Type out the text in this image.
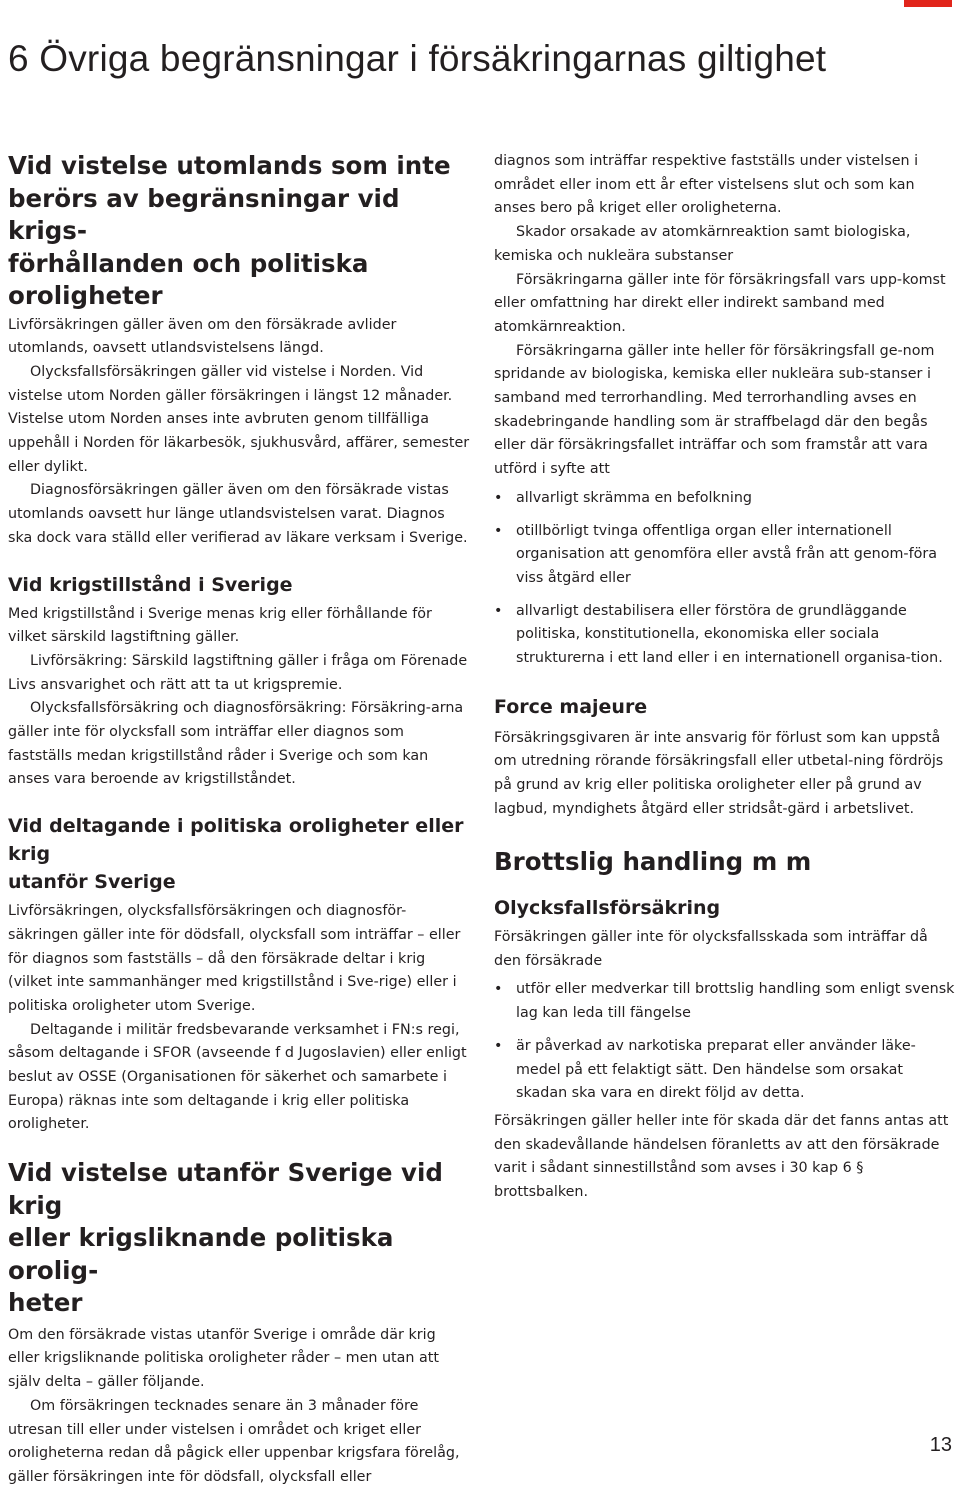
6 Övriga begränsningar i försäkringarnas giltighet
Vid vistelse utomlands som inte
berörs av begränsningar vid krigs-
förhållanden och politiska oroligheter

Livförsäkringen gäller även om den försäkrade avlider utomlands, oavsett utlandsvistelsens längd.

Olycksfallsförsäkringen gäller vid vistelse i Norden. Vid vistelse utom Norden gäller försäkringen i längst 12 månader. Vistelse utom Norden anses inte avbruten genom tillfälliga uppehåll i Norden för läkarbesök, sjukhusvård, affärer, semester eller dylikt.

Diagnosförsäkringen gäller även om den försäkrade vistas utomlands oavsett hur länge utlandsvistelsen varat. Diagnos ska dock vara ställd eller verifierad av läkare verksam i Sverige.

Vid krigstillstånd i Sverige

Med krigstillstånd i Sverige menas krig eller förhållande för vilket särskild lagstiftning gäller.

Livförsäkring: Särskild lagstiftning gäller i fråga om Förenade Livs ansvarighet och rätt att ta ut krigspremie.

Olycksfallsförsäkring och diagnosförsäkring: Försäkring-arna gäller inte för olycksfall som inträffar eller diagnos som fastställs medan krigstillstånd råder i Sverige och som kan anses vara beroende av krigstillståndet.

Vid deltagande i politiska oroligheter eller krig
utanför Sverige

Livförsäkringen, olycksfallsförsäkringen och diagnosför-säkringen gäller inte för dödsfall, olycksfall som inträffar – eller för diagnos som fastställs – då den försäkrade deltar i krig (vilket inte sammanhänger med krigstillstånd i Sve-rige) eller i politiska oroligheter utom Sverige.

Deltagande i militär fredsbevarande verksamhet i FN:s regi, såsom deltagande i SFOR (avseende f d Jugoslavien) eller enligt beslut av OSSE (Organisationen för säkerhet och samarbete i Europa) räknas inte som deltagande i krig eller politiska oroligheter.

Vid vistelse utanför Sverige vid krig
eller krigsliknande politiska orolig-
heter

Om den försäkrade vistas utanför Sverige i område där krig eller krigsliknande politiska oroligheter råder – men utan att själv delta – gäller följande.

Om försäkringen tecknades senare än 3 månader före utresan till eller under vistelsen i området och kriget eller oroligheterna redan då pågick eller uppenbar krigsfara förelåg, gäller försäkringen inte för dödsfall, olycksfall eller

diagnos som inträffar respektive fastställs under vistelsen i området eller inom ett år efter vistelsens slut och som kan anses bero på kriget eller oroligheterna.

Skador orsakade av atomkärnreaktion samt biologiska, kemiska och nukleära substanser

Försäkringarna gäller inte för försäkringsfall vars upp-komst eller omfattning har direkt eller indirekt samband med atomkärnreaktion.

Försäkringarna gäller inte heller för försäkringsfall ge-nom spridande av biologiska, kemiska eller nukleära sub-stanser i samband med terrorhandling. Med terrorhandling avses en skadebringande handling som är straffbelagd där den begås eller där försäkringsfallet inträffar och som framstår att vara utförd i syfte att

• allvarligt skrämma en befolkning
• otillbörligt tvinga offentliga organ eller internationell organisation att genomföra eller avstå från att genom-föra viss åtgärd eller
• allvarligt destabilisera eller förstöra de grundläggande politiska, konstitutionella, ekonomiska eller sociala strukturerna i ett land eller i en internationell organisa-tion.
Force majeure

Försäkringsgivaren är inte ansvarig för förlust som kan uppstå om utredning rörande försäkringsfall eller utbetal-ning fördröjs på grund av krig eller politiska oroligheter eller på grund av lagbud, myndighets åtgärd eller stridsåt-gärd i arbetslivet.

Brottslig handling m m
Olycksfallsförsäkring

Försäkringen gäller inte för olycksfallsskada som inträffar då den försäkrade

• utför eller medverkar till brottslig handling som enligt svensk lag kan leda till fängelse
• är påverkad av narkotiska preparat eller använder läke-medel på ett felaktigt sätt. Den händelse som orsakat skadan ska vara en direkt följd av detta.

Försäkringen gäller heller inte för skada där det fanns antas att den skadevållande händelsen föranletts av att den försäkrade varit i sådant sinnestillstånd som avses i 30 kap 6 § brottsbalken.

13
